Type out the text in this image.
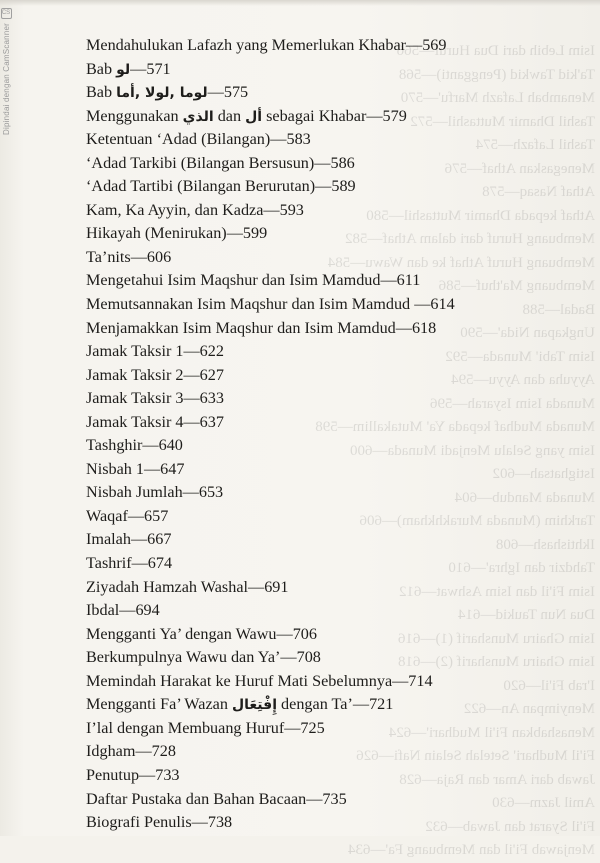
Isim Lebih dari Dua Huruf—566
Ta'kid Tawkid (Pengganti)—568
Menambah Lafazh Marfu'—570
Tashil Dhamir Muttashil—572
Tashil Lafazh—574
Menegaskan Athaf—576
Athaf Nasaq—578
Athaf kepada Dhamir Muttashil—580
Membuang Huruf dari dalam Athaf—582
Membuang Huruf Athaf ke dan Wawu—584
Membuang Ma'thuf—586
Badal—588
Ungkapan Nida'—590
Isim Tabi' Munada—592
Ayyuha dan Ayyu—594
Munada Isim Isyarah—596
Munada Mudhaf kepada Ya' Mutakallim—598
Isim yang Selalu Menjadi Munada—600
Istighatsah—602
Munada Mandub—604
Tarkhim (Munada Murakhkham)—606
Ikhtishash—608
Tahdzir dan Ighra'—610
Isim Fi'il dan Isim Ashwat—612
Dua Nun Taukid—614
Isim Ghairu Munsharif (1)—616
Isim Ghairu Munsharif (2)—618
I'rab Fi'il—620
Menyimpan An—622
Menashabkan Fi'il Mudhari'—624
Fi'il Mudhari' Setelah Selain Nafi—626
Jawab dari Amar dan Raja—628
Amil Jazm—630
Fi'il Syarat dan Jawab—632
Menjawab Fi'il dan Membuang Fa'—634
CS
Dipindai dengan CamScanner	Mendahulukan Lafazh yang Memerlukan Khabar—569
Bab لو—571
Bab لوما ,لولا ,أما—575
Menggunakan الذي dan أل sebagai Khabar—579
Ketentuan ‘Adad (Bilangan)—583
‘Adad Tarkibi (Bilangan Bersusun)—586
‘Adad Tartibi (Bilangan Berurutan)—589
Kam, Ka Ayyin, dan Kadza—593
Hikayah (Menirukan)—599
Ta’nits—606
Mengetahui Isim Maqshur dan Isim Mamdud—611
Memutsannakan Isim Maqshur dan Isim Mamdud —614
Menjamakkan Isim Maqshur dan Isim Mamdud—618
Jamak Taksir 1—622
Jamak Taksir 2—627
Jamak Taksir 3—633
Jamak Taksir 4—637
Tashghir—640
Nisbah 1—647
Nisbah Jumlah—653
Waqaf—657
Imalah—667
Tashrif—674
Ziyadah Hamzah Washal—691
Ibdal—694
Mengganti Ya’ dengan Wawu—706
Berkumpulnya Wawu dan Ya’—708
Memindah Harakat ke Huruf Mati Sebelumnya—714
Mengganti Fa’ Wazan إِفْتِعَال dengan Ta’—721
I’lal dengan Membuang Huruf—725
Idgham—728
Penutup—733
Daftar Pustaka dan Bahan Bacaan—735
Biografi Penulis—738
